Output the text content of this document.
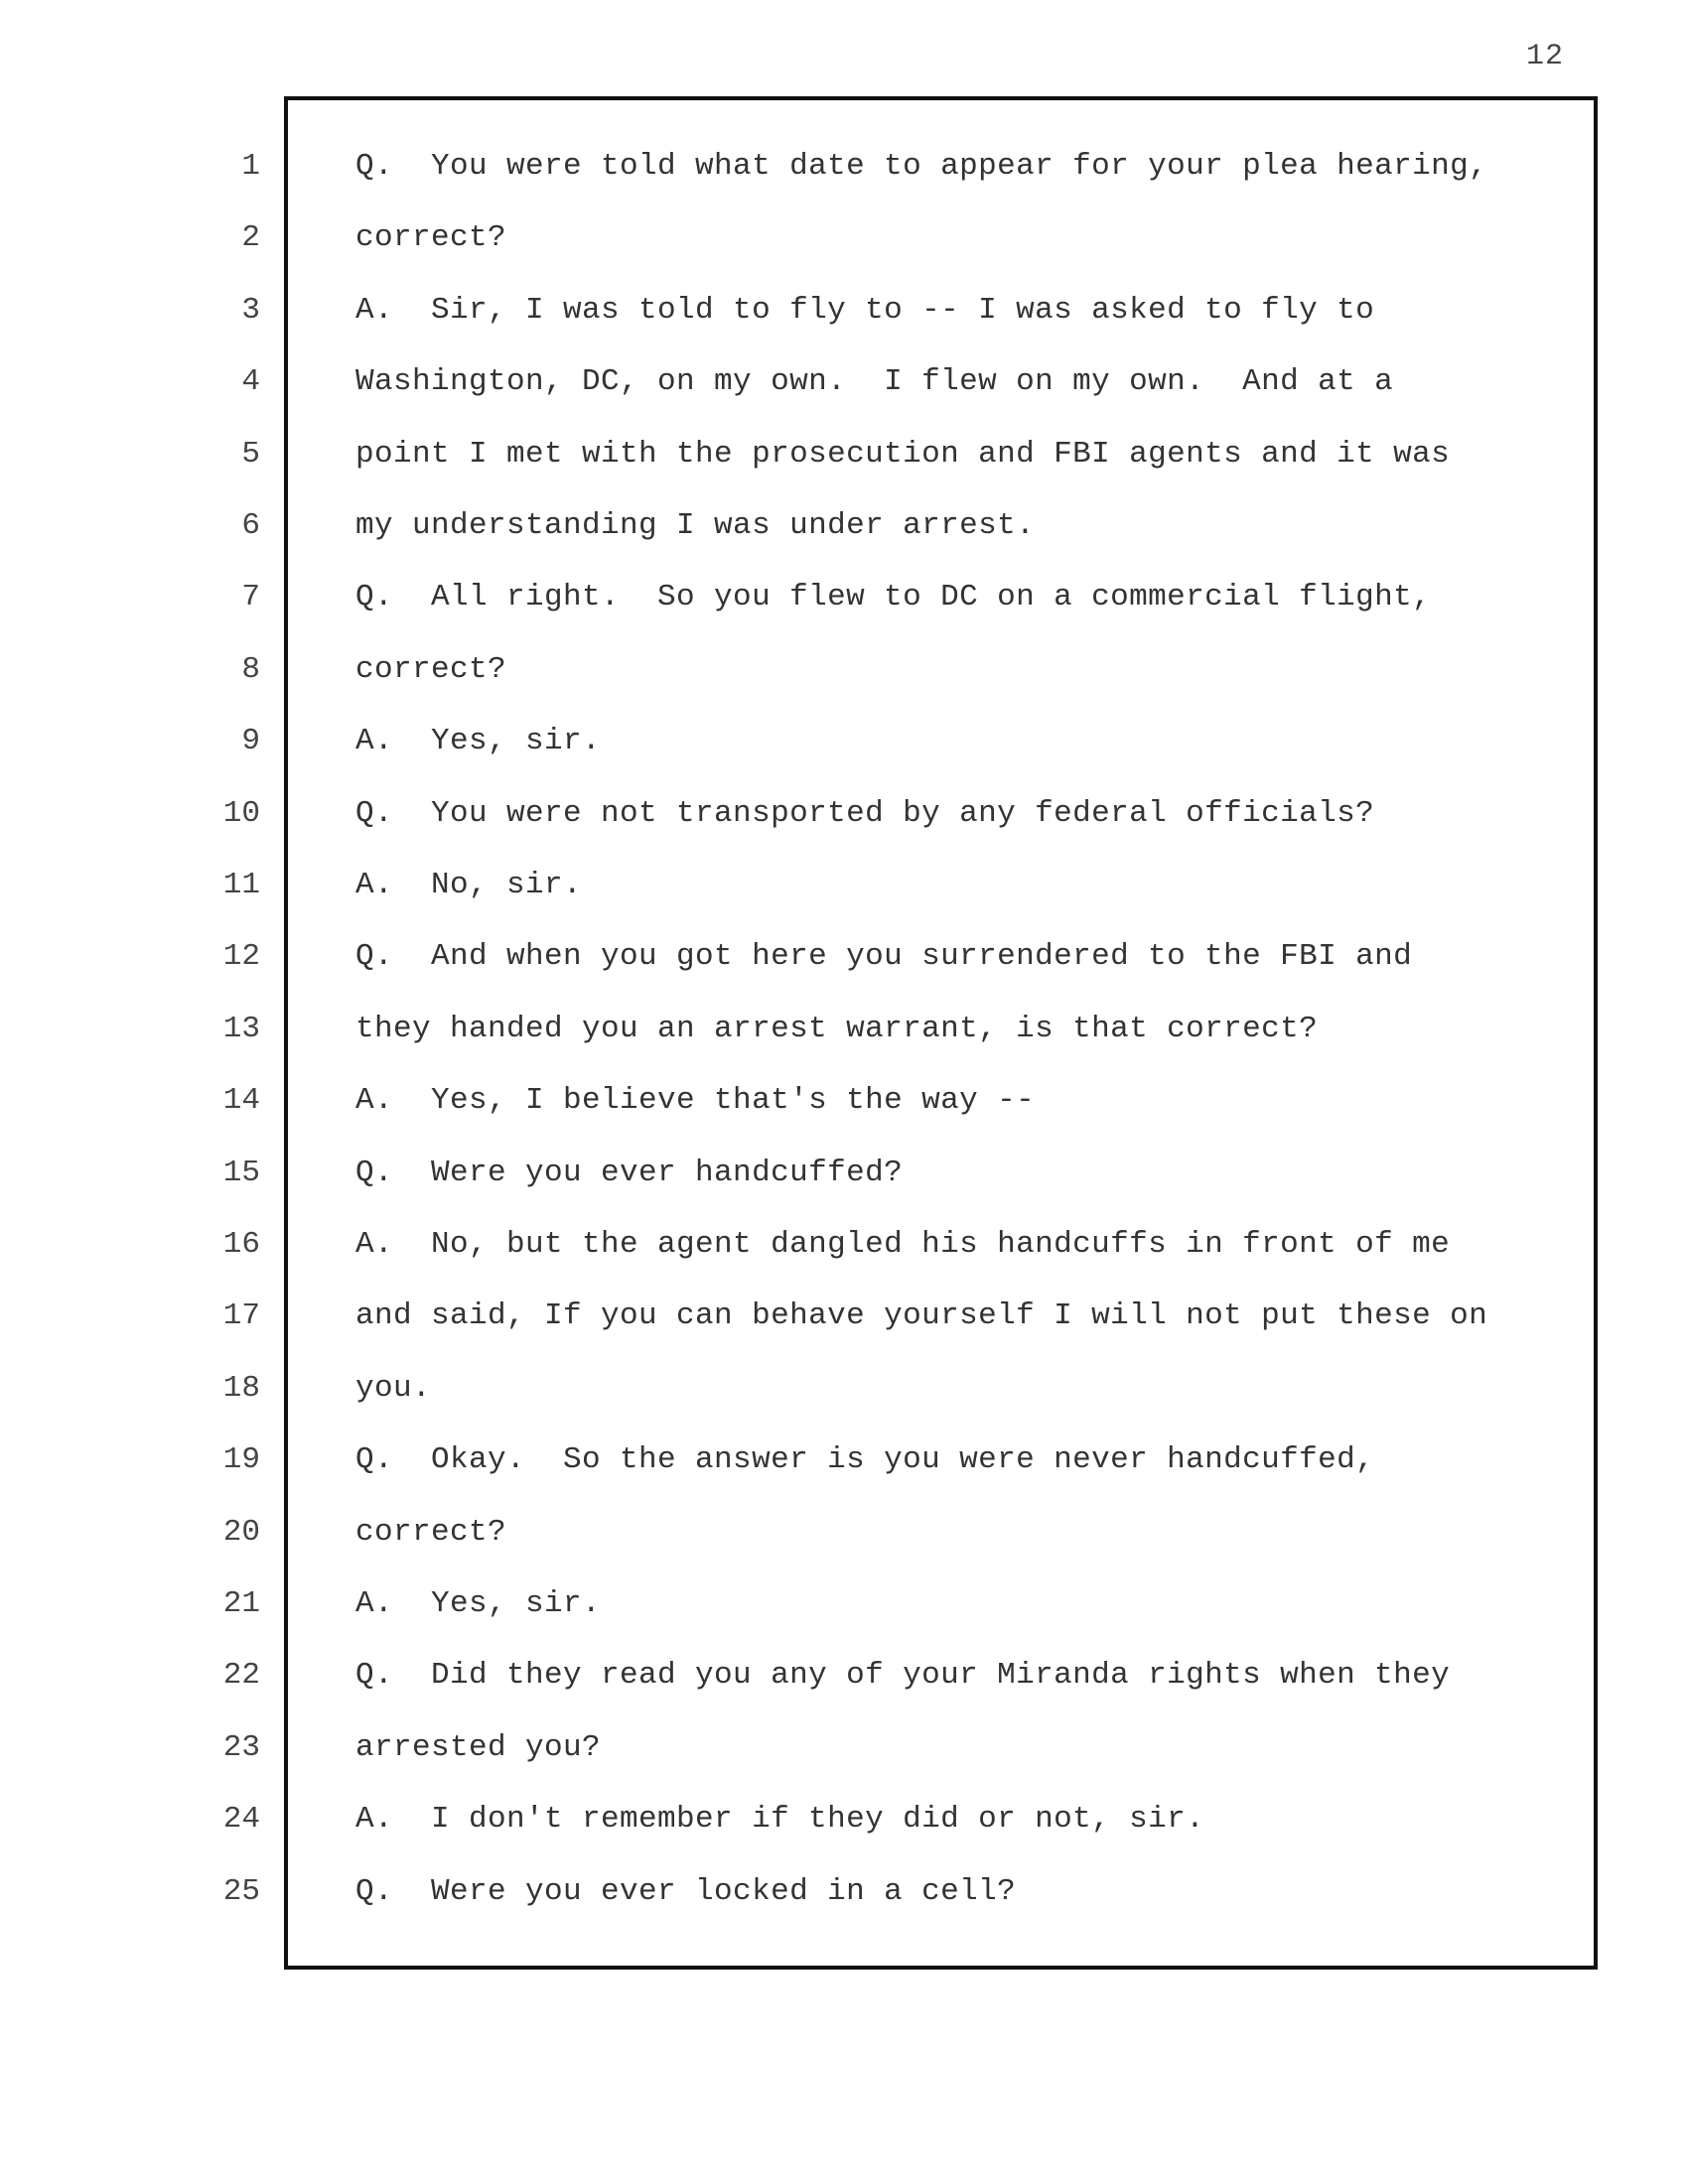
12
1
2
3
4
5
6
7
8
9
10
11
12
13
14
15
16
17
18
19
20
21
22
23
24
25
Q.  You were told what date to appear for your plea hearing,
correct?
A.  Sir, I was told to fly to -- I was asked to fly to
Washington, DC, on my own.  I flew on my own.  And at a
point I met with the prosecution and FBI agents and it was
my understanding I was under arrest.
Q.  All right.  So you flew to DC on a commercial flight,
correct?
A.  Yes, sir.
Q.  You were not transported by any federal officials?
A.  No, sir.
Q.  And when you got here you surrendered to the FBI and
they handed you an arrest warrant, is that correct?
A.  Yes, I believe that's the way --
Q.  Were you ever handcuffed?
A.  No, but the agent dangled his handcuffs in front of me
and said, If you can behave yourself I will not put these on
you.
Q.  Okay.  So the answer is you were never handcuffed,
correct?
A.  Yes, sir.
Q.  Did they read you any of your Miranda rights when they
arrested you?
A.  I don't remember if they did or not, sir.
Q.  Were you ever locked in a cell?
